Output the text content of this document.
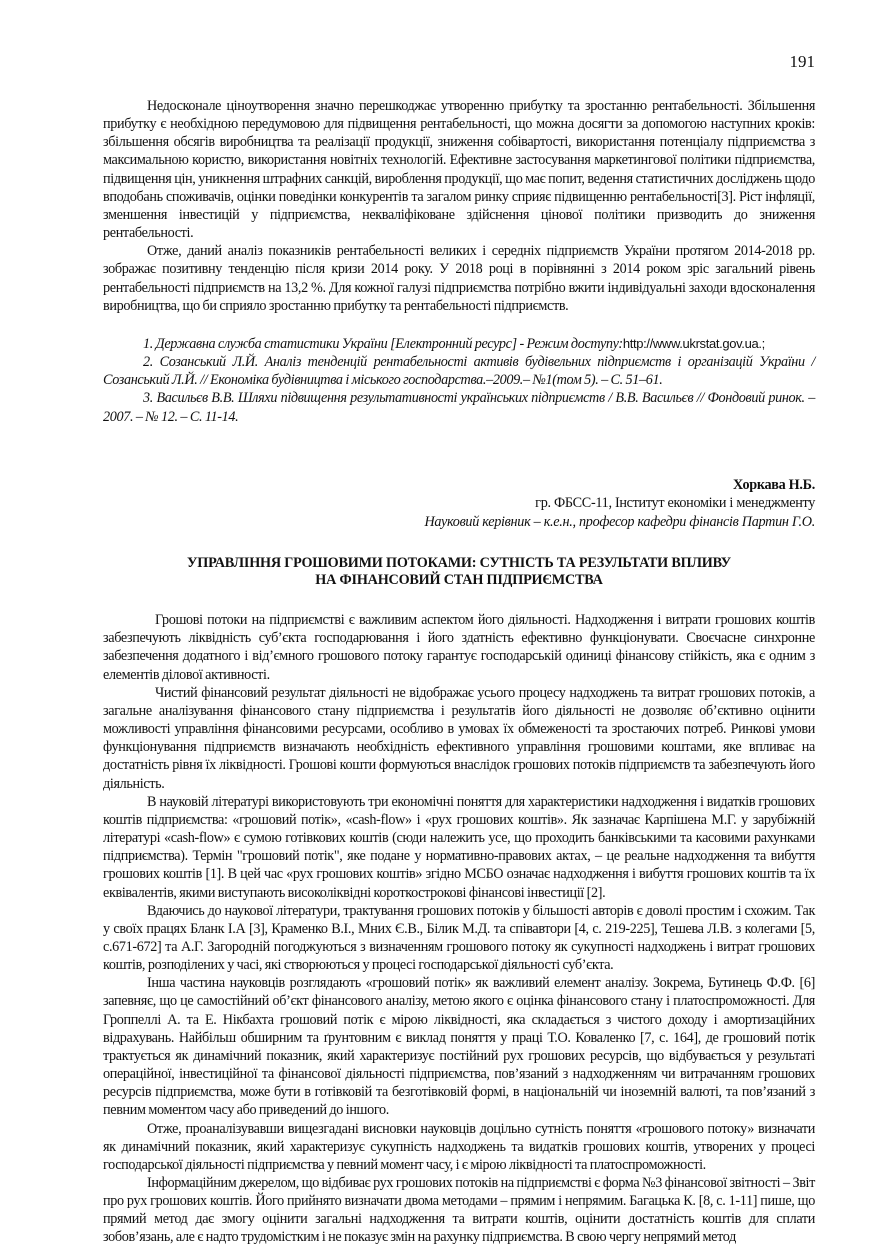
191

Недосконале ціноутворення значно перешкоджає утворенню прибутку та зростанню рентабельності. Збільшення прибутку є необхідною передумовою для підвищення рентабельності, що можна досягти за допомогою наступних кроків: збільшення обсягів виробництва та реалізації продукції, зниження собівартості, використання потенціалу підприємства з максимальною користю, використання новітніх технологій. Ефективне застосування маркетингової політики підприємства, підвищення цін, уникнення штрафних санкцій, вироблення продукції, що має попит, ведення статистичних досліджень щодо вподобань споживачів, оцінки поведінки конкурентів та загалом ринку сприяє підвищенню рентабельності[3]. Ріст інфляції, зменшення інвестицій у підприємства, некваліфіковане здійснення цінової політики призводить до зниження рентабельності.

Отже, даний аналіз показників рентабельності великих і середніх підприємств України протягом 2014-2018 рр. зображає позитивну тенденцію після кризи 2014 року. У 2018 році в порівнянні з 2014 роком зріс загальний рівень рентабельності підприємств на 13,2 %. Для кожної галузі підприємства потрібно вжити індивідуальні заходи вдосконалення виробництва, що би сприяло зростанню прибутку та рентабельності підприємств.

1. Державна служба статистики України [Електронний ресурс] - Режим доступу:http://www.ukrstat.gov.ua.;

2. Созанський Л.Й. Аналіз тенденцій рентабельності активів будівельних підприємств і організацій України / Созанський Л.Й. // Економіка будівництва і міського господарства.–2009.– №1(том 5). – С. 51–61.

3. Васильєв В.В. Шляхи підвищення результативності українських підприємств / В.В. Васильєв // Фондовий ринок. – 2007. – № 12. – С. 11-14.

Хоркава Н.Б.
гр. ФБСС-11, Інститут економіки і менеджменту
Науковий керівник – к.е.н., професор кафедри фінансів Партин Г.О.
УПРАВЛІННЯ ГРОШОВИМИ ПОТОКАМИ: СУТНІСТЬ ТА РЕЗУЛЬТАТИ ВПЛИВУ
НА ФІНАНСОВИЙ СТАН ПІДПРИЄМСТВА

Грошові потоки на підприємстві є важливим аспектом його діяльності. Надходження і витрати грошових коштів забезпечують ліквідність суб’єкта господарювання і його здатність ефективно функціонувати. Своєчасне синхронне забезпечення додатного і від’ємного грошового потоку гарантує господарській одиниці фінансову стійкість, яка є одним з елементів ділової активності.

Чистий фінансовий результат діяльності не відображає усього процесу надходжень та витрат грошових потоків, а загальне аналізування фінансового стану підприємства і результатів його діяльності не дозволяє об’єктивно оцінити можливості управління фінансовими ресурсами, особливо в умовах їх обмеженості та зростаючих потреб. Ринкові умови функціонування підприємств визначають необхідність ефективного управління грошовими коштами, яке впливає на достатність рівня їх ліквідності. Грошові кошти формуються внаслідок грошових потоків підприємств та забезпечують його діяльність.

В науковій літературі використовують три економічні поняття для характеристики надходження і видатків грошових коштів підприємства: «грошовий потік», «cash-flow» і «рух грошових коштів». Як зазначає Карпішена М.Г. у зарубіжній літературі «cash-flow» є сумою готівкових коштів (сюди належить усе, що проходить банківськими та касовими рахунками підприємства). Термін "грошовий потік", яке подане у нормативно-правових актах, – це реальне надходження та вибуття грошових коштів [1]. В цей час «рух грошових коштів» згідно МСБО означає надходження і вибуття грошових коштів та їх еквівалентів, якими виступають високоліквідні короткострокові фінансові інвестиції [2].

Вдаючись до наукової літератури, трактування грошових потоків у більшості авторів є доволі простим і схожим. Так у своїх працях Бланк І.А [3], Краменко В.І., Мних Є.В., Білик М.Д. та співавтори [4, с. 219-225], Тешева Л.В. з колегами [5, с.671-672] та А.Г. Загородній погоджуються з визначенням грошового потоку як сукупності надходжень і витрат грошових коштів, розподілених у часі, які створюються у процесі господарської діяльності суб’єкта.

Інша частина науковців розглядають «грошовий потік» як важливий елемент аналізу. Зокрема, Бутинець Ф.Ф. [6] запевняє, що це самостійний об’єкт фінансового аналізу, метою якого є оцінка фінансового стану і платоспроможності. Для Гроппеллі А. та Е. Нікбахта грошовий потік є мірою ліквідності, яка складається з чистого доходу і амортизаційних відрахувань. Найбільш обширним та ґрунтовним є виклад поняття у праці Т.О. Коваленко [7, с. 164], де грошовий потік трактується як динамічний показник, який характеризує постійний рух грошових ресурсів, що відбувається у результаті операційної, інвестиційної та фінансової діяльності підприємства, пов’язаний з надходженням чи витрачанням грошових ресурсів підприємства, може бути в готівковій та безготівковій формі, в національній чи іноземній валюті, та пов’язаний з певним моментом часу або приведений до іншого.

Отже, проаналізувавши вищезгадані висновки науковців доцільно сутність поняття «грошового потоку» визначати як динамічний показник, який характеризує сукупність надходжень та видатків грошових коштів, утворених у процесі господарської діяльності підприємства у певний момент часу, і є мірою ліквідності та платоспроможності.

Інформаційним джерелом, що відбиває рух грошових потоків на підприємстві є форма №3 фінансової звітності – Звіт про рух грошових коштів. Його прийнято визначати двома методами – прямим і непрямим. Багацька К. [8, с. 1-11] пише, що прямий метод дає змогу оцінити загальні надходження та витрати коштів, оцінити достатність коштів для сплати зобов’язань, але є надто трудомістким і не показує змін на рахунку підприємства. В свою чергу непрямий метод
